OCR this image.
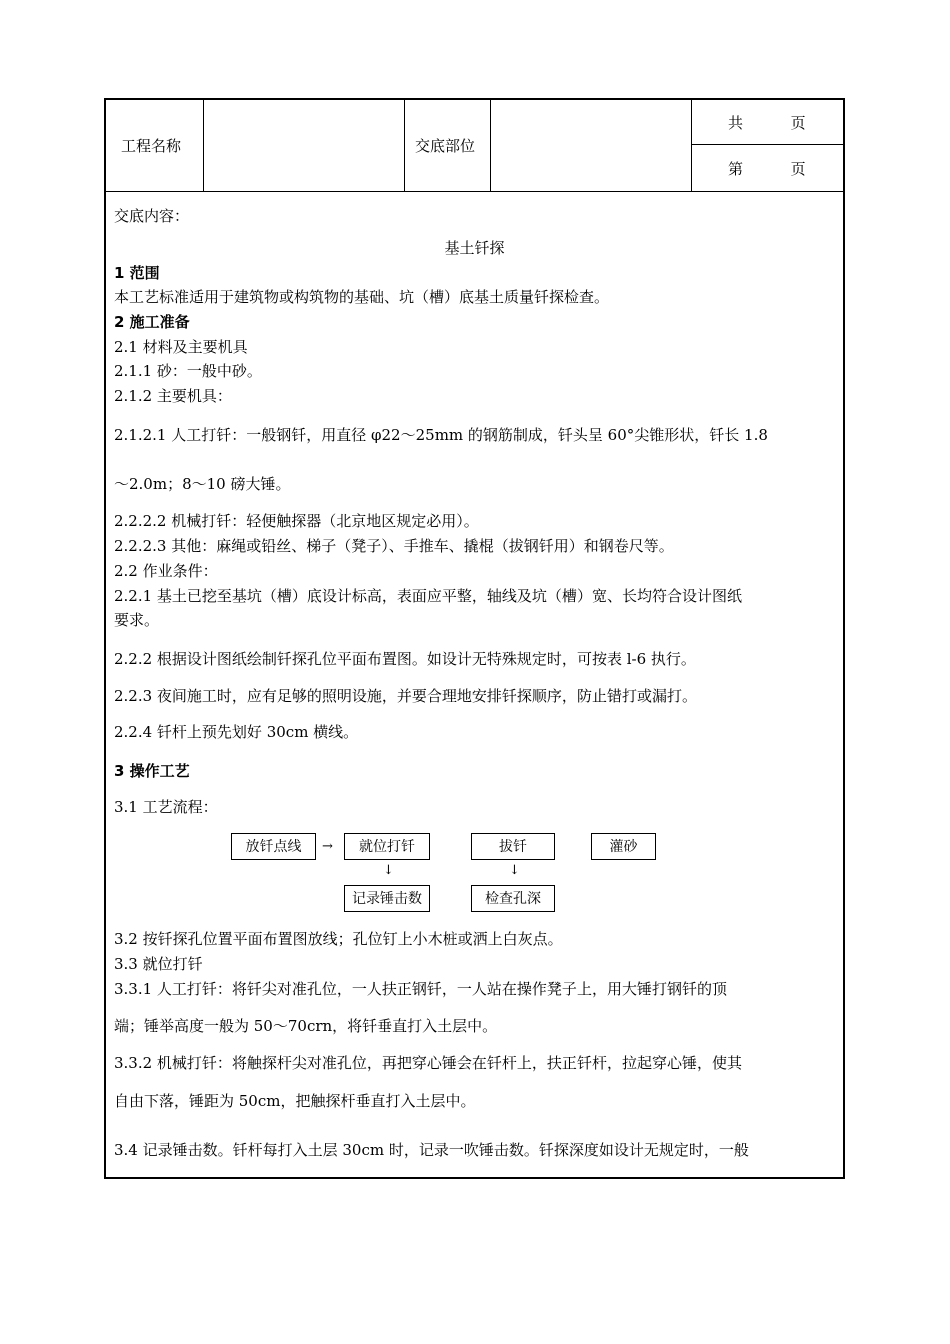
工程名称	交底部位
共          页
第          页
交底内容：
基土钎探
1 范围
本工艺标准适用于建筑物或构筑物的基础、坑（槽）底基土质量钎探检查。
2 施工准备
2.1 材料及主要机具
2.1.1 砂：一般中砂。
2.1.2 主要机具：
2.1.2.1 人工打钎：一般钢钎，用直径 φ22～25mm 的钢筋制成，钎头呈 60°尖锥形状，钎长 1.8
～2.0m；8～10 磅大锤。
2.2.2.2 机械打钎：轻便触探器（北京地区规定必用）。
2.2.2.3 其他：麻绳或铅丝、梯子（凳子）、手推车、撬棍（拔钢钎用）和钢卷尺等。
2.2 作业条件：
2.2.1 基土已挖至基坑（槽）底设计标高，表面应平整，轴线及坑（槽）宽、长均符合设计图纸
要求。
2.2.2 根据设计图纸绘制钎探孔位平面布置图。如设计无特殊规定时，可按表 l-6 执行。
2.2.3 夜间施工时，应有足够的照明设施，并要合理地安排钎探顺序，防止错打或漏打。
2.2.4 钎杆上预先划好 30cm 横线。
3 操作工艺
3.1 工艺流程：
放钎点线	→	就位打钎	拔钎	灌砂
↓	↓
记录锤击数	检查孔深
3.2 按钎探孔位置平面布置图放线；孔位钉上小木桩或洒上白灰点。
3.3 就位打钎
3.3.1 人工打钎：将钎尖对准孔位，一人扶正钢钎，一人站在操作凳子上，用大锤打钢钎的顶
端；锤举高度一般为 50～70crn，将钎垂直打入土层中。
3.3.2 机械打钎：将触探杆尖对准孔位，再把穿心锤会在钎杆上，扶正钎杆，拉起穿心锤，使其
自由下落，锤距为 50cm，把触探杆垂直打入土层中。
3.4 记录锤击数。钎杆每打入土层 30cm 时，记录一吹锤击数。钎探深度如设计无规定时，一般
